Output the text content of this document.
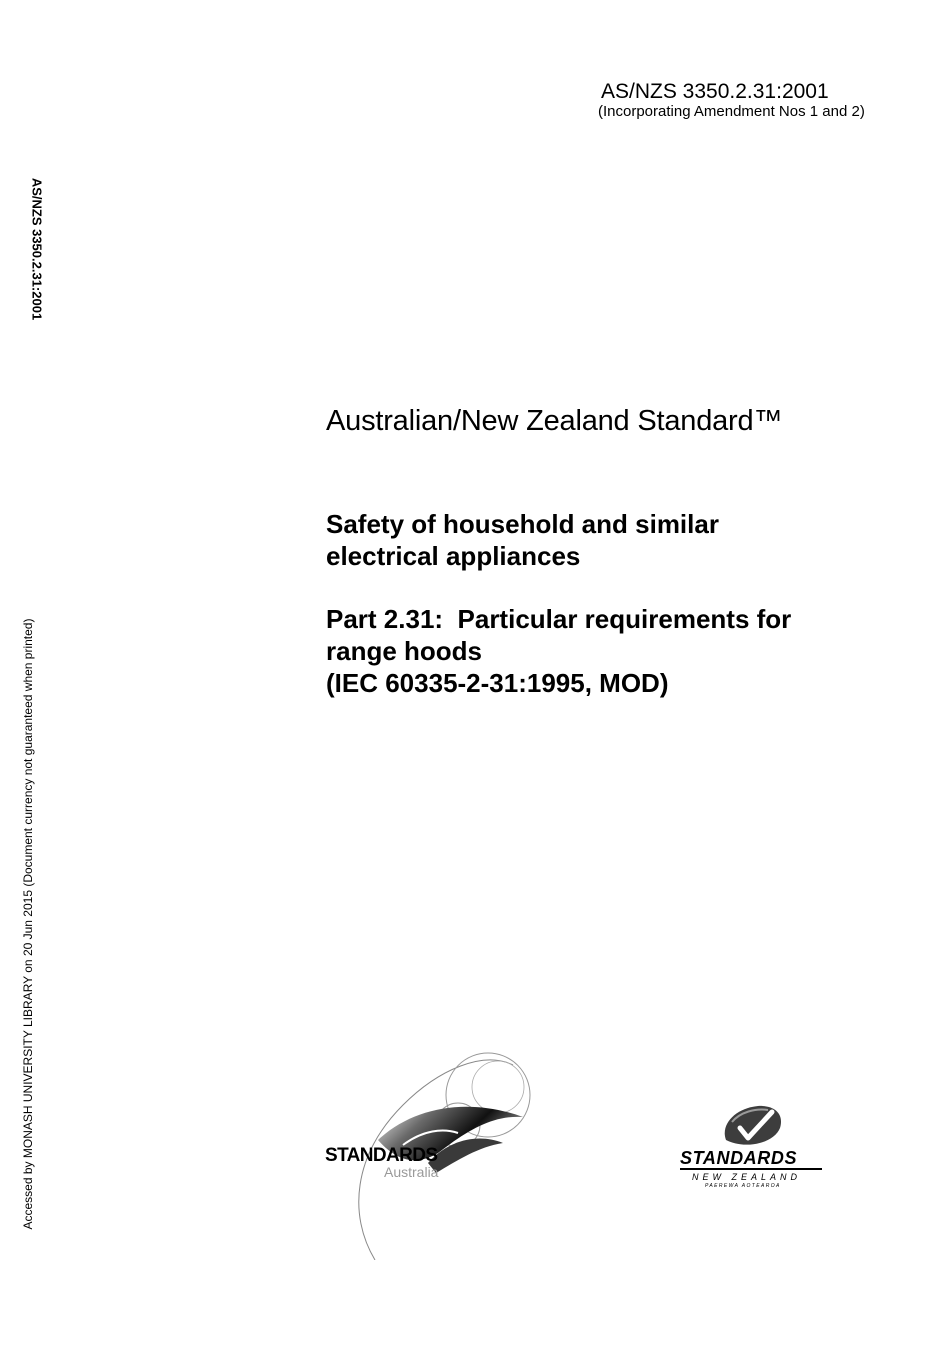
AS/NZS 3350.2.31:2001
(Incorporating Amendment Nos 1 and 2)
AS/NZS 3350.2.31:2001
Accessed by MONASH UNIVERSITY LIBRARY on 20 Jun 2015 (Document currency not guaranteed when printed)
Australian/New Zealand Standard™
Safety of household and similar
electrical appliances
Part 2.31:  Particular requirements for
range hoods
(IEC 60335-2-31:1995, MOD)
STANDARDS
Australia
STANDARDS
NEW ZEALAND
PAEREWA AOTEAROA
